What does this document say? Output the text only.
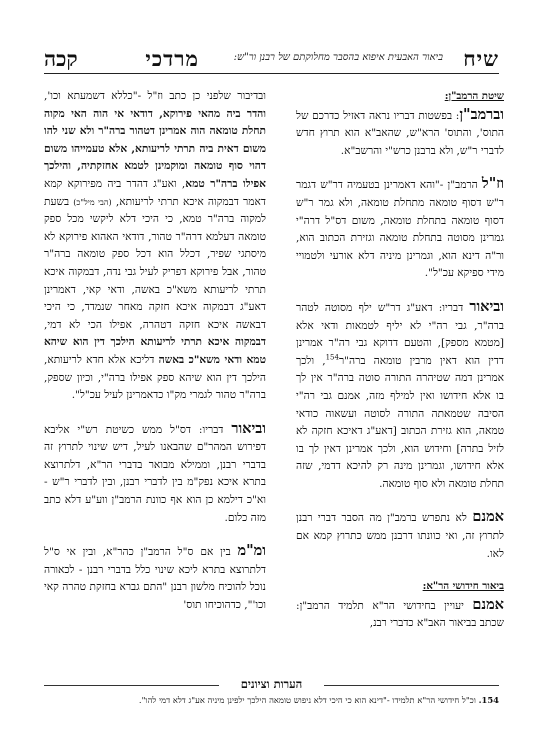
שיח
ביאור האבעית איפוא בהסבר מחלוקתם של רבנן ור"ש:
מרדכי
קכה

שיטת הרמב"ן:

וברמב"ן: בפשטות דבריו נראה דאזיל כדרכם של התוס', והתוס' הרא"ש, שהאב"א הוא תרוץ חדש לדברי ר"ש, ולא ברבנן כרש"י והרשב"א.

וז"ל הרמב"ן -"והא דאמרינן בטעמיה דר"ש דגמר ר"ש דסוף טומאה מתחלת טומאה, ולא גמר ר"ש דסוף טומאה בתחלת טומאה, משום דס"ל דרה"י גמרינן מסוטה בתחלת טומאה וגזירת הכתוב הוא, ור"ה דינא הוא, וגמרינן מיניה דלא אורעי ולטמויי מידי ספיקא עכ"ל".

וביאור דבריו: דאע"ג דר"ש ילף מסוטה לטהר ברה"ר, גבי רה"י לא יליף לטמאות ודאי אלא [מטמא מספק], והטעם דדוקא גבי רה"ר אמרינן דדין הוא דאין מרבין טומאה ברה"ר$^{154}$, ולכך אמרינן דמה שטיהרה התורה סוטה ברה"ר אין לך בו אלא חידושו ואין למילף מזה, אמנם גבי רה"י הסיבה שטמאתה התורה לסוטה ועשאוה כודאי טמאה, הוא גזירת הכתוב [דאע"ג דאיכא חזקה לא לזיל בתרה] וחידוש הוא, ולכך אמרינן דאין לך בו אלא חידושו, וגמרינן מינה רק להיכא דדמי, שזה תחלת טומאה ולא סוף טומאה.

אמנם לא נתפרש ברמב"ן מה הסבר דברי רבנן לתרוץ זה, ואי כוונתו דרבנן ממש כתרוץ קמא אם לאו.

ביאור חידושי הר"א:

אמנם יעויין בחידושי הר"א תלמיד הרמב"ן: שכתב בביאור האב"א כדברי רבנ,

ובדיבור שלפני כן כתב וז"ל -"כללא דשמעתא וכו', והדר ביה מהאי פירוקא, דודאי אי הוה האי מקוה תחלת טומאה הוה אמרינן דטהור ברה"ר ולא שני להו משום דאית ביה תרתי לריעותא, אלא טעמייהו משום דהוי סוף טומאה ומוקמינן לטמא אחזקתיה, והילכך אפילו ברה"ר טמא, ואע"ג דהדר ביה מפירוקא קמא דאמר דבמקוה איכא תרתי לריעותא, (הבי מיל"כ) בשעת למקוה ברה"ר טמא, כי היכי דלא ליקשי מכל ספק טומאה דעלמא דרה"ר טהור, דודאי האהוא פירוקא לא מיסתגי שפיר, דכלל הוא דכל ספק טומאה ברה"ר טהור, אבל פירוקא דפריק לעיל גבי נדה, דבמקוה איכא תרתי לריעותא משא"כ באשה, ודאי קאי, דאמרינן דאע"ג דבמקוה איכא חזקה מאחר שנמדד, כי היכי דבאשה איכא חזקה דטהרה, אפילו הכי לא דמי, דבמקוה איכא תרתי לריעותא הילכך דין הוא שיהא טמא ודאי משא"כ באשה דליכא אלא חדא לריעותא, הילכך דין הוא שיהא ספק אפילו ברה"י, וכיון שספק, ברה"ר טהור לגמרי מק"ו כדאמרינן לעיל עכ"ל".

וביאור דבריו: דס"ל ממש כשיטת רש"י אליבא דפירוש המהר"ם שהבאנו לעיל, דיש שינוי לתרוץ זה בדברי רבנן, וממילא מבואר בדברי הר"א, דלתרוצא בתרא איכא נפק"מ בין לדברי רבנן, ובין לדברי ר"ש - וא"כ דילמא כן הוא אף כוונת הרמב"ן ווע"ע דלא כתב מזה כלום.

ומ"מ בין אם ס"ל הרמב"ן כהר"א, ובין אי ס"ל דלתרוצא בתרא ליכא שינוי כלל בדברי רבנן - לכאורה נוכל להוכיח מלשון רבנן "התם גברא בחזקת טהרה קאי וכו'", כדהוכיחו תוס'

הערות וציונים
154. וכ"ל חידושי הר"א תלמידו -"דינא הוא כי היכי דלא ניפוש טומאה הילכך ילפינן מיניה אע"ג דלא דמי להו".
